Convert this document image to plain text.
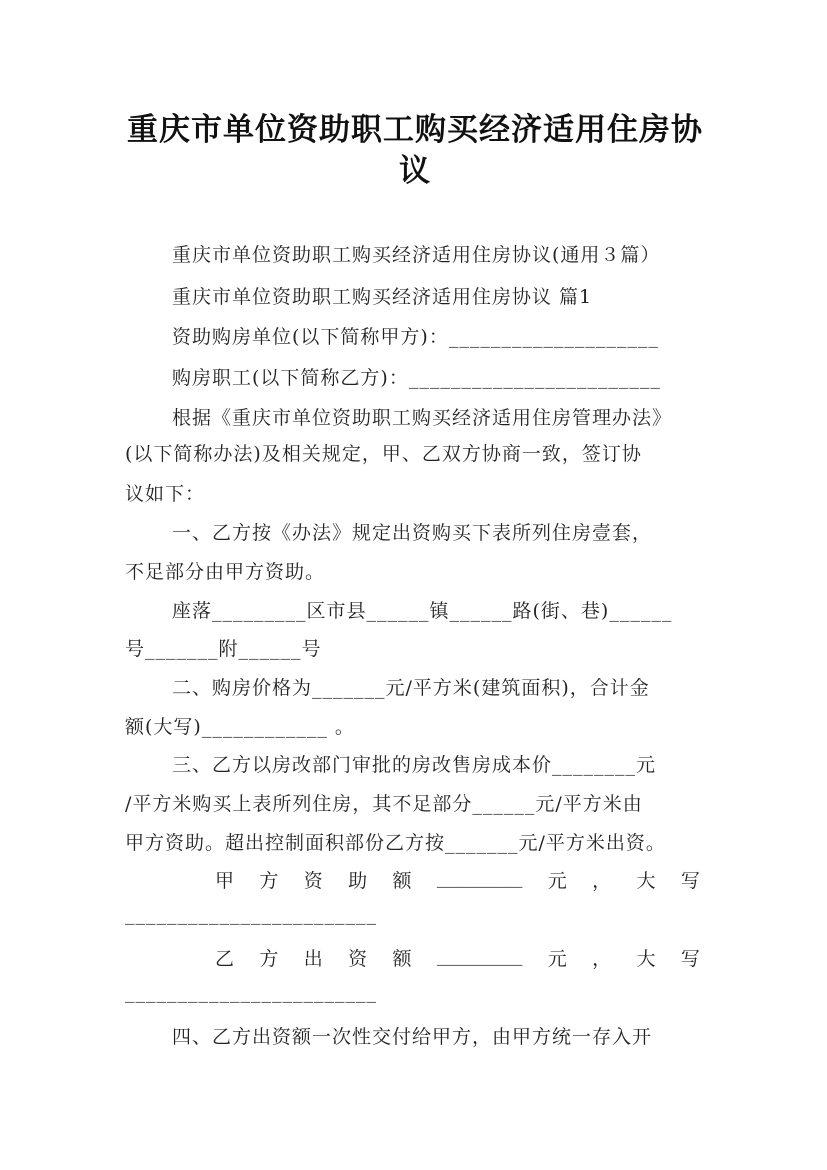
重庆市单位资助职工购买经济适用住房协
议
重庆市单位资助职工购买经济适用住房协议(通用３篇）
重庆市单位资助职工购买经济适用住房协议 篇1
资助购房单位(以下简称甲方)：____________________
购房职工(以下简称乙方)：________________________
根据《重庆市单位资助职工购买经济适用住房管理办法》
(以下简称办法)及相关规定，甲、乙双方协商一致，签订协
议如下：
一、乙方按《办法》规定出资购买下表所列住房壹套，
不足部分由甲方资助。
座落_________区市县______镇______路(街、巷)______
号_______附______号
二、购房价格为_______元/平方米(建筑面积)，合计金
额(大写)____________ 。
三、乙方以房改部门审批的房改售房成本价________元
/平方米购买上表所列住房，其不足部分______元/平方米由
甲方资助。超出控制面积部份乙方按_______元/平方米出资。
甲 方 资 助 额 _________ 元 ， 大 写
________________________
乙 方 出 资 额 _________ 元 ， 大 写
________________________
四、乙方出资额一次性交付给甲方，由甲方统一存入开
